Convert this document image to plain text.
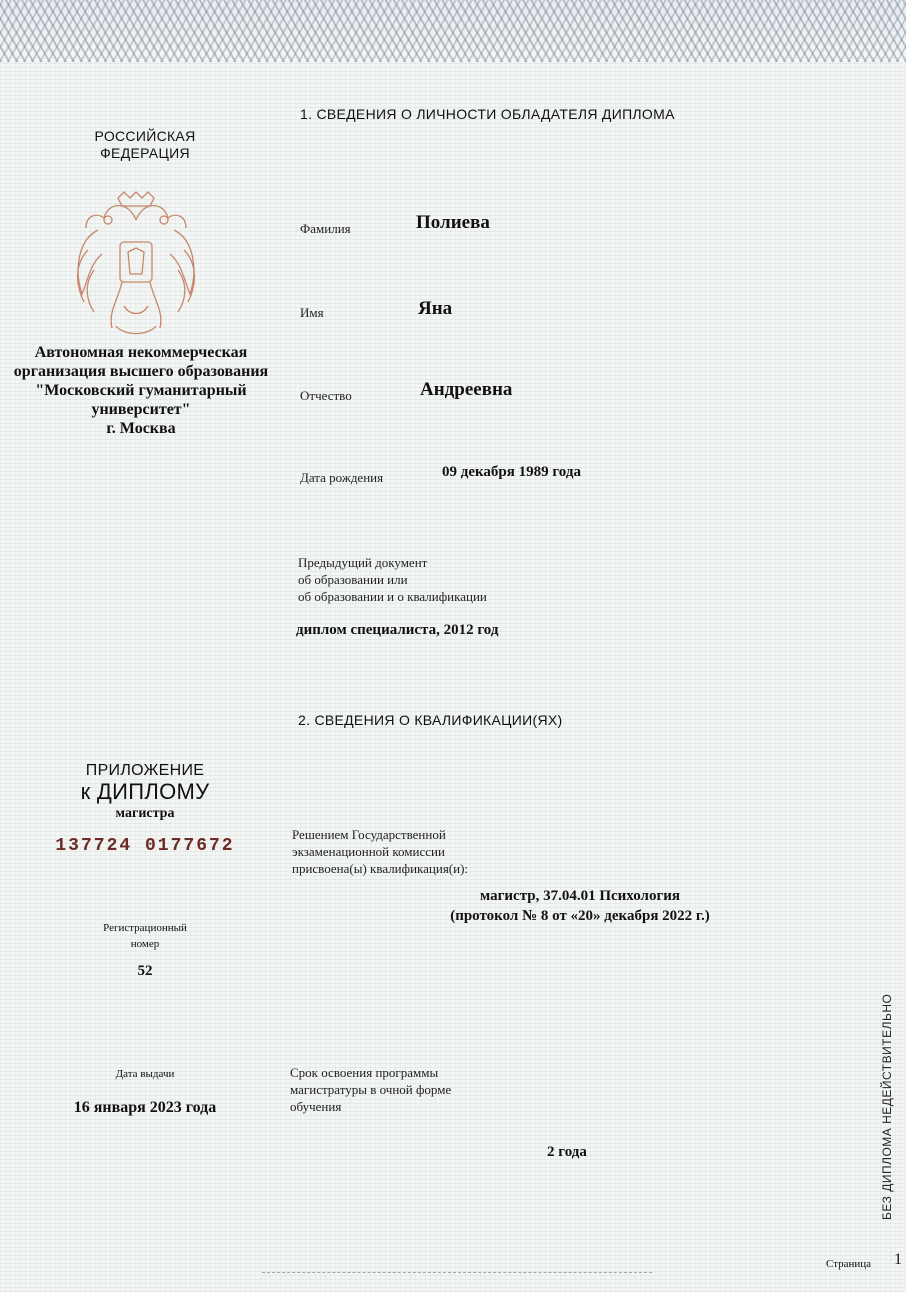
РОССИЙСКАЯ
ФЕДЕРАЦИЯ
Автономная некоммерческая
организация высшего образования
"Московский гуманитарный
университет"
г. Москва
ПРИЛОЖЕНИЕ
к ДИПЛОМУ
магистра
137724 0177672
Регистрационный
номер
52
Дата выдачи
16 января 2023 года
1. СВЕДЕНИЯ О ЛИЧНОСТИ ОБЛАДАТЕЛЯ ДИПЛОМА
Фамилия	Полиева
Имя	Яна
Отчество	Андреевна
Дата рождения	09 декабря 1989 года
Предыдущий документ
об образовании или
об образовании и о квалификации
диплом специалиста, 2012 год
2. СВЕДЕНИЯ О КВАЛИФИКАЦИИ(ЯХ)
Решением Государственной
экзаменационной комиссии
присвоена(ы) квалификация(и):
магистр, 37.04.01 Психология
(протокол № 8 от «20» декабря 2022 г.)
Срок освоения программы
магистратуры в очной форме
обучения
2 года
Страница 1
БЕЗ ДИПЛОМА НЕДЕЙСТВИТЕЛЬНО
